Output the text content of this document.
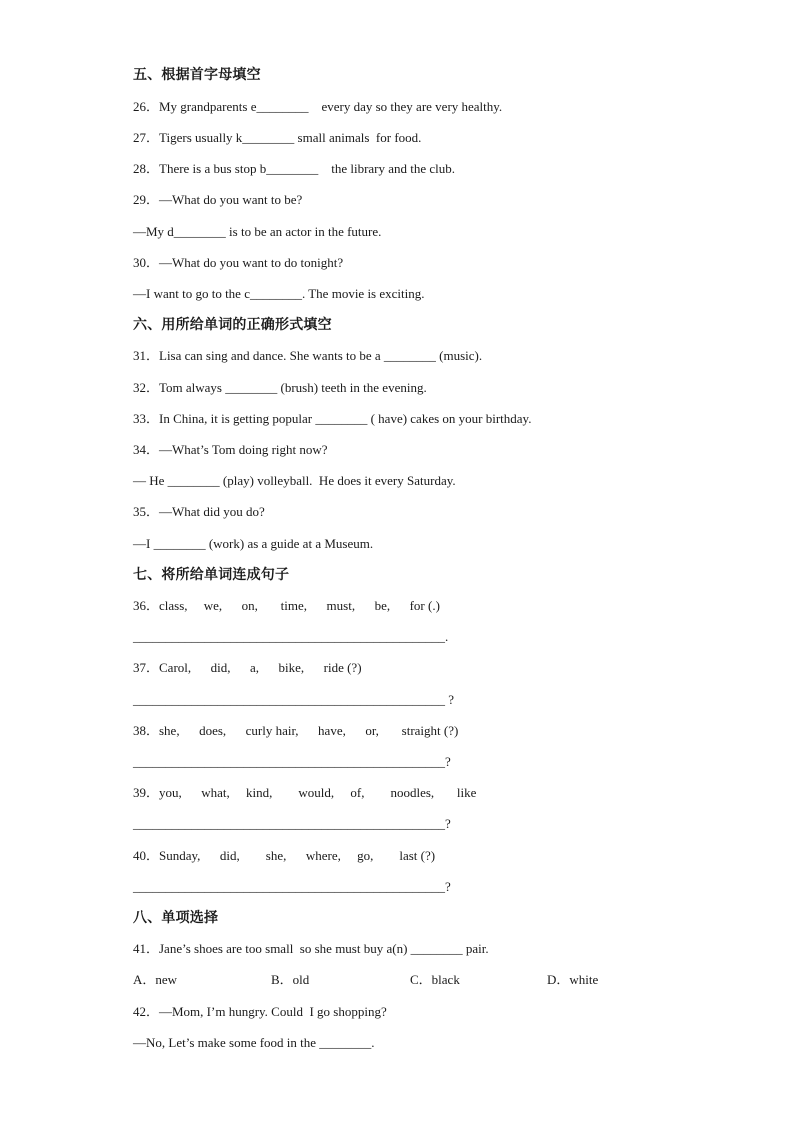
五、根据首字母填空
26．My grandparents e________    every day so they are very healthy.
27．Tigers usually k________ small animals  for food.
28．There is a bus stop b________    the library and the club.
29．—What do you want to be?
—My d________ is to be an actor in the future.
30．—What do you want to do tonight?
—I want to go to the c________. The movie is exciting.
六、用所给单词的正确形式填空
31．Lisa can sing and dance. She wants to be a ________ (music).
32．Tom always ________ (brush) teeth in the evening.
33．In China, it is getting popular ________ ( have) cakes on your birthday.
34．—What’s Tom doing right now?
— He ________ (play) volleyball.  He does it every Saturday.
35．—What did you do?
—I ________ (work) as a guide at a Museum.
七、将所给单词连成句子
36．class,     we,      on,       time,      must,      be,      for (.)
________________________________________________.
37．Carol,      did,      a,      bike,      ride (?)
________________________________________________ ?
38．she,      does,      curly hair,      have,      or,       straight (?)
________________________________________________?
39．you,      what,     kind,        would,     of,        noodles,       like
________________________________________________?
40．Sunday,      did,        she,      where,     go,        last (?)
________________________________________________?
八、单项选择
41．Jane’s shoes are too small  so she must buy a(n) ________ pair.
A．new	B．old	C．black	D．white
42．—Mom, I’m hungry. Could  I go shopping?
—No, Let’s make some food in the ________.
